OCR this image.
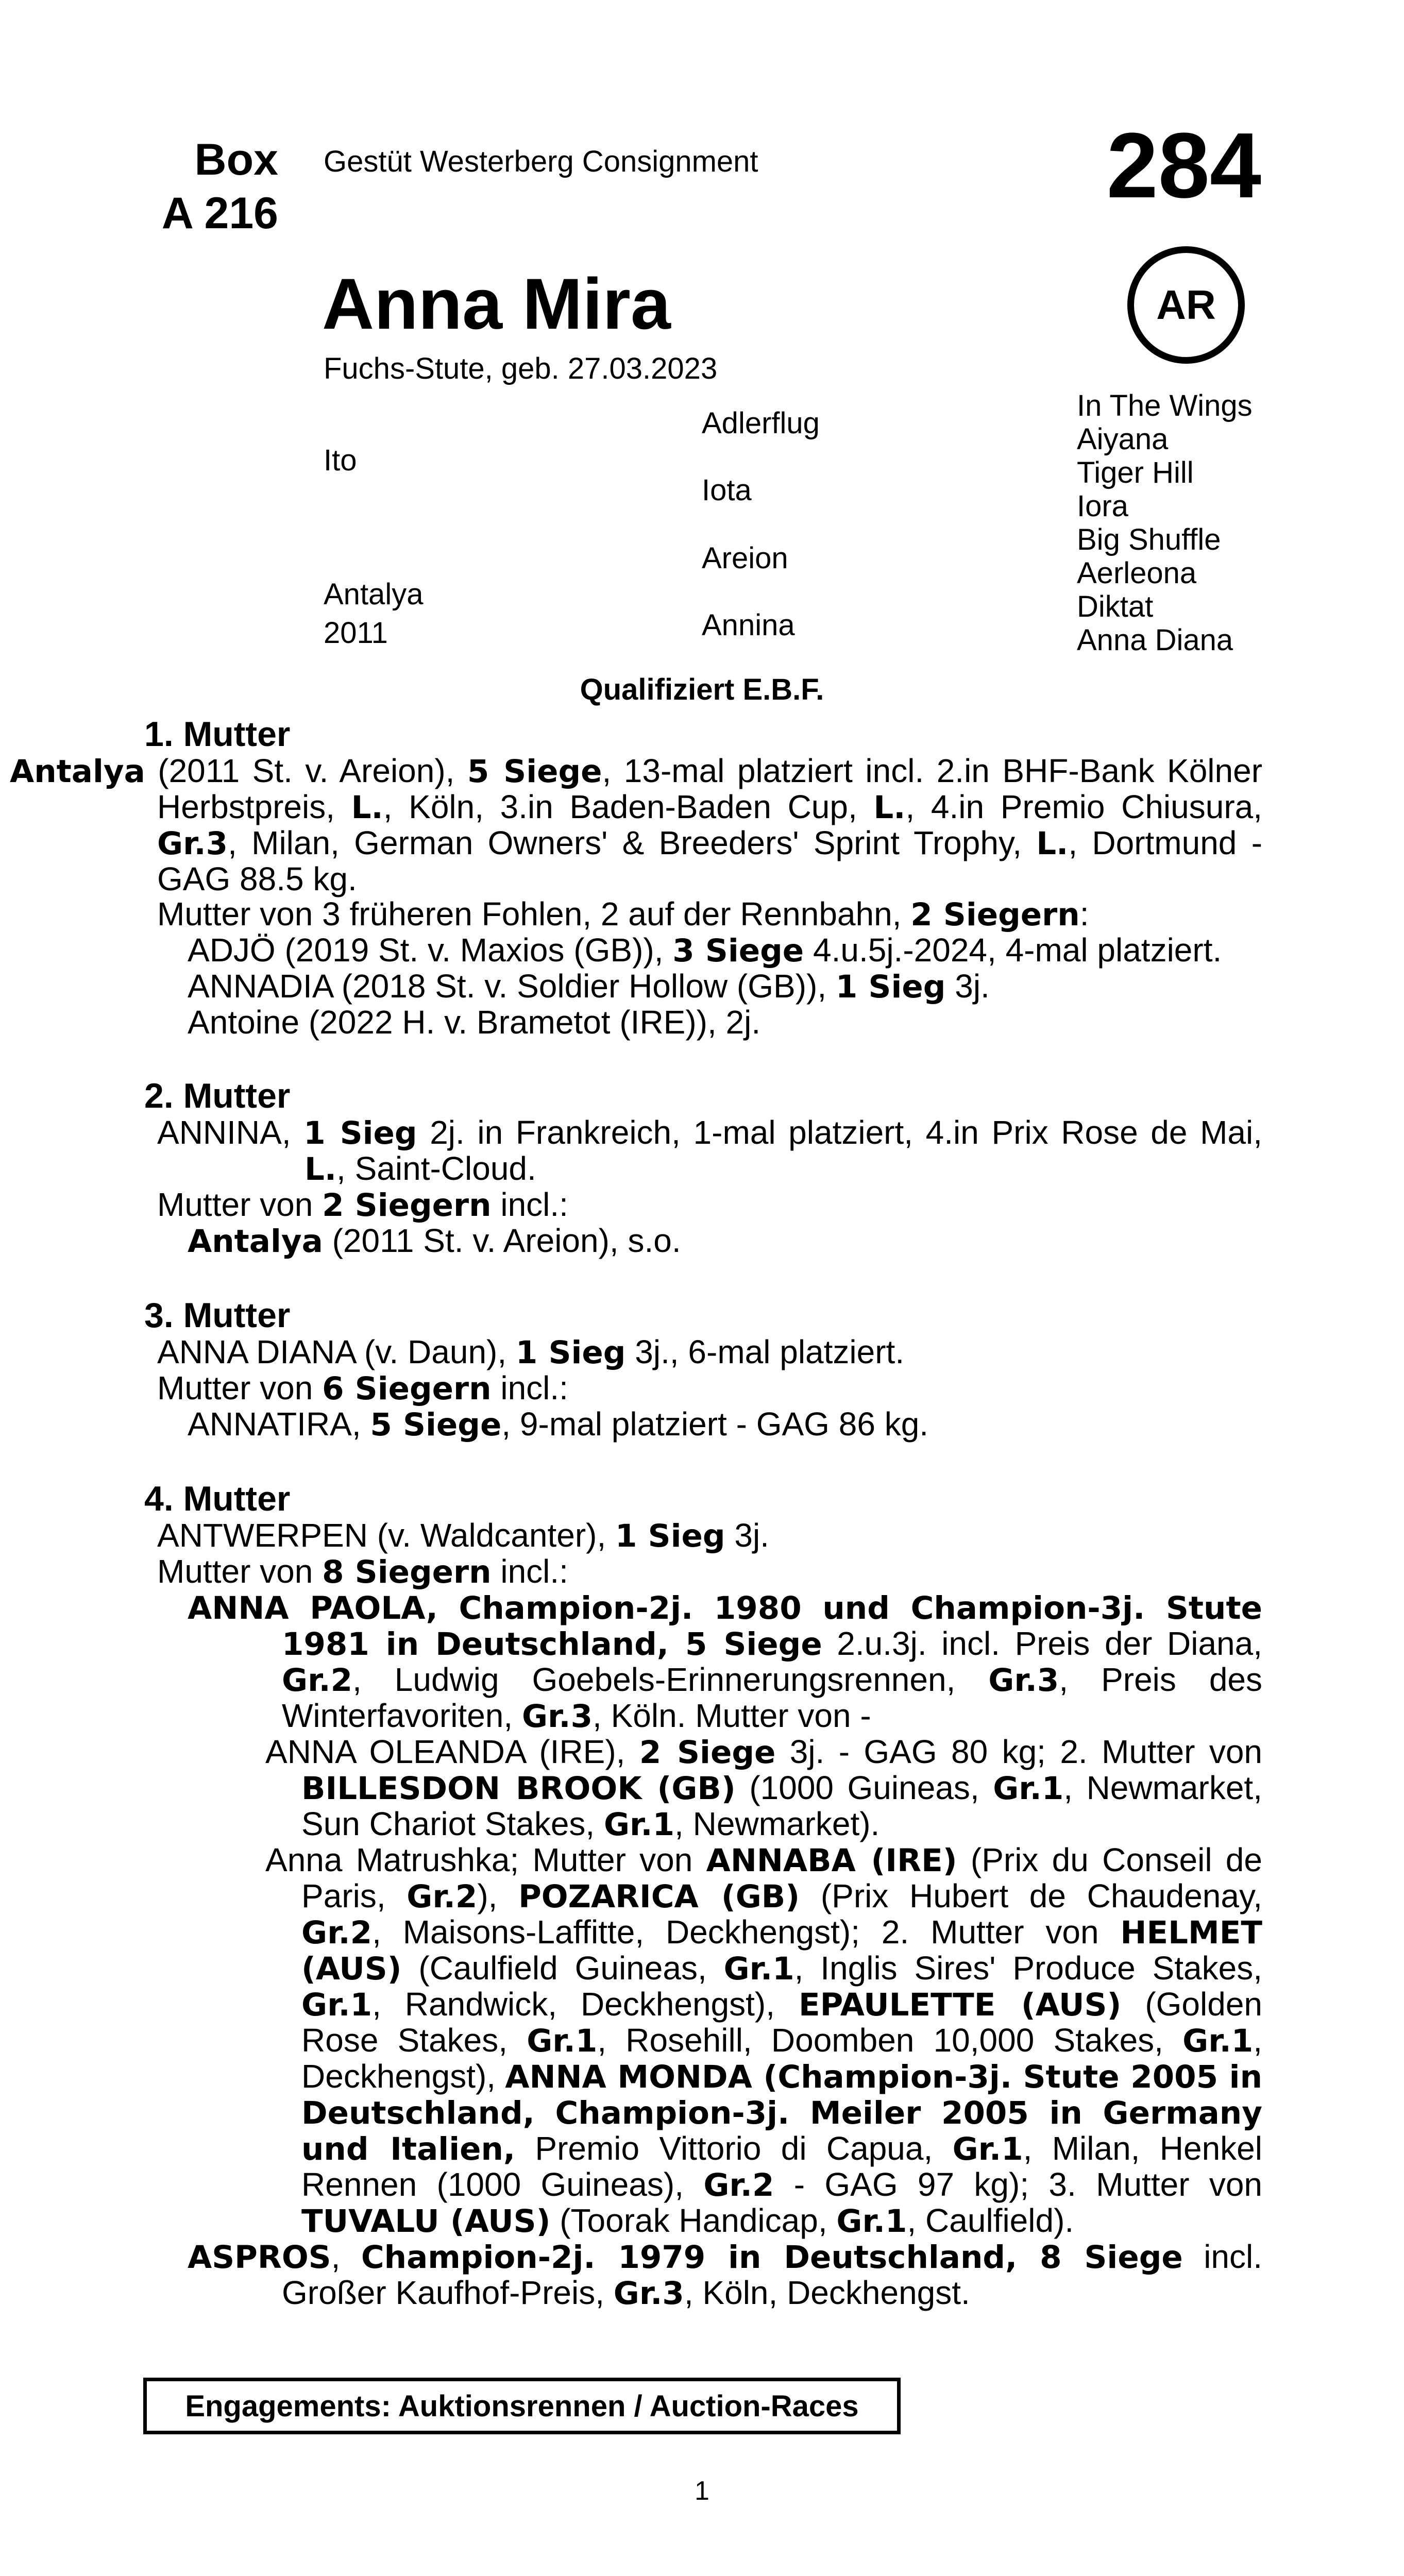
Box
A 216
Gestüt Westerberg Consignment	284
AR
Anna Mira
Fuchs-Stute, geb. 27.03.2023
Ito
Antalya
2011
Adlerflug
Iota
Areion
Annina
In The Wings
Aiyana
Tiger Hill
Iora
Big Shuffle
Aerleona
Diktat
Anna Diana
Qualifiziert E.B.F.
1. Mutter

Antalya (2011 St. v. Areion), 5 Siege, 13-mal platziert incl. 2.in BHF-Bank Kölner Herbstpreis, L., Köln, 3.in Baden-Baden Cup, L., 4.in Premio Chiusura, Gr.3, Milan, German Owners' & Breeders' Sprint Trophy, L., Dortmund - GAG 88.5 kg.

Mutter von 3 früheren Fohlen, 2 auf der Rennbahn, 2 Siegern:

ADJÖ (2019 St. v. Maxios (GB)), 3 Siege 4.u.5j.-2024, 4-mal platziert.

ANNADIA (2018 St. v. Soldier Hollow (GB)), 1 Sieg 3j.

Antoine (2022 H. v. Brametot (IRE)), 2j.

2. Mutter

ANNINA, 1 Sieg 2j. in Frankreich, 1-mal platziert, 4.in Prix Rose de Mai, L., Saint-Cloud.

Mutter von 2 Siegern incl.:

Antalya (2011 St. v. Areion), s.o.

3. Mutter

ANNA DIANA (v. Daun), 1 Sieg 3j., 6-mal platziert.

Mutter von 6 Siegern incl.:

ANNATIRA, 5 Siege, 9-mal platziert - GAG 86 kg.

4. Mutter

ANTWERPEN (v. Waldcanter), 1 Sieg 3j.

Mutter von 8 Siegern incl.:

ANNA PAOLA, Champion-2j. 1980 und Champion-3j. Stute 1981 in Deutschland, 5 Siege 2.u.3j. incl. Preis der Diana, Gr.2, Ludwig Goebels-Erinnerungsrennen, Gr.3, Preis des Winterfavoriten, Gr.3, Köln. Mutter von -

ANNA OLEANDA (IRE), 2 Siege 3j. - GAG 80 kg; 2. Mutter von BILLESDON BROOK (GB) (1000 Guineas, Gr.1, Newmarket, Sun Chariot Stakes, Gr.1, Newmarket).

Anna Matrushka; Mutter von ANNABA (IRE) (Prix du Conseil de Paris, Gr.2), POZARICA (GB) (Prix Hubert de Chaudenay, Gr.2, Maisons-Laffitte, Deckhengst); 2. Mutter von HELMET (AUS) (Caulfield Guineas, Gr.1, Inglis Sires' Produce Stakes, Gr.1, Randwick, Deckhengst), EPAULETTE (AUS) (Golden Rose Stakes, Gr.1, Rosehill, Doomben 10,000 Stakes, Gr.1, Deckhengst), ANNA MONDA (Champion-3j. Stute 2005 in Deutschland, Champion-3j. Meiler 2005 in Germany und Italien, Premio Vittorio di Capua, Gr.1, Milan, Henkel Rennen (1000 Guineas), Gr.2 - GAG 97 kg); 3. Mutter von TUVALU (AUS) (Toorak Handicap, Gr.1, Caulfield).

ASPROS, Champion-2j. 1979 in Deutschland, 8 Siege incl. Großer Kaufhof-Preis, Gr.3, Köln, Deckhengst.

Engagements: Auktionsrennen / Auction-Races
1
